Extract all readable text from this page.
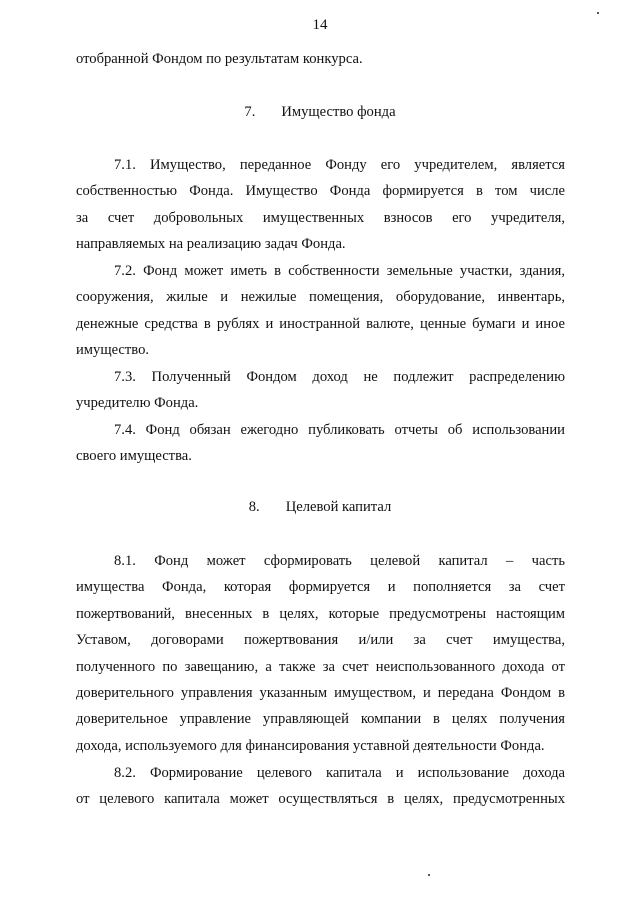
14
отобранной Фондом по результатам конкурса.
7. Имущество фонда
7.1. Имущество, переданное Фонду его учредителем, является
собственностью Фонда. Имущество Фонда формируется в том числе
за счет добровольных имущественных взносов его учредителя,
направляемых на реализацию задач Фонда.
7.2. Фонд может иметь в собственности земельные участки, здания,
сооружения, жилые и нежилые помещения, оборудование, инвентарь,
денежные средства в рублях и иностранной валюте, ценные бумаги и иное
имущество.
7.3. Полученный Фондом доход не подлежит распределению
учредителю Фонда.
7.4. Фонд обязан ежегодно публиковать отчеты об использовании
своего имущества.
8. Целевой капитал
8.1. Фонд может сформировать целевой капитал – часть
имущества Фонда, которая формируется и пополняется за счет
пожертвований, внесенных в целях, которые предусмотрены настоящим
Уставом, договорами пожертвования и/или за счет имущества,
полученного по завещанию, а также за счет неиспользованного дохода от
доверительного управления указанным имуществом, и передана Фондом в
доверительное управление управляющей компании в целях получения
дохода, используемого для финансирования уставной деятельности Фонда.
8.2. Формирование целевого капитала и использование дохода
от целевого капитала может осуществляться в целях, предусмотренных
